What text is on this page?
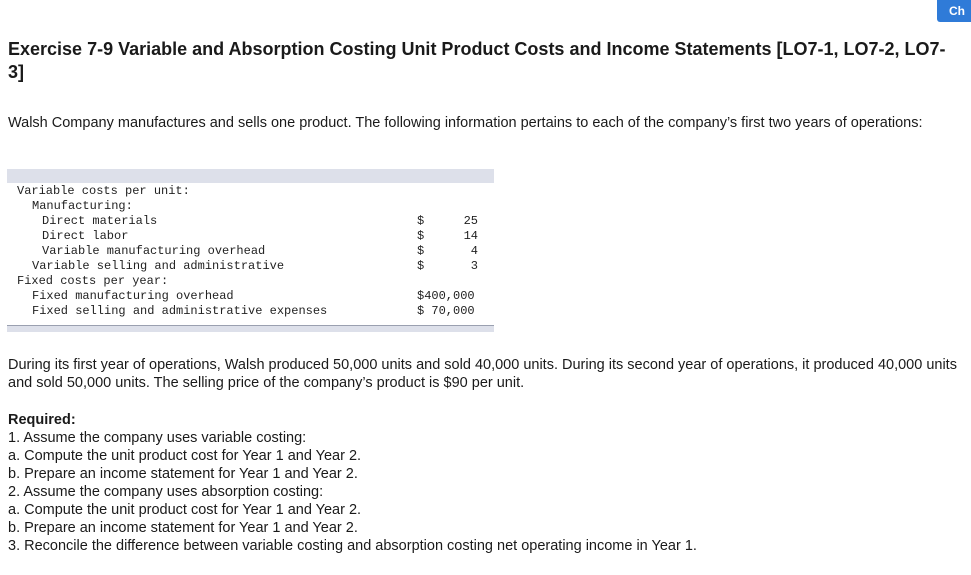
Ch
Exercise 7-9 Variable and Absorption Costing Unit Product Costs and Income Statements [LO7-1, LO7-2, LO7-3]

Walsh Company manufactures and sells one product. The following information pertains to each of the company’s first two years of operations:

Variable costs per unit:
Manufacturing:
Direct materials	$	25
Direct labor	$	14
Variable manufacturing overhead	$	4
Variable selling and administrative	$	3
Fixed costs per year:
Fixed manufacturing overhead	$400,000
Fixed selling and administrative expenses	$ 70,000

During its first year of operations, Walsh produced 50,000 units and sold 40,000 units. During its second year of operations, it produced 40,000 units and sold 50,000 units. The selling price of the company’s product is $90 per unit.

Required:
1. Assume the company uses variable costing:
a. Compute the unit product cost for Year 1 and Year 2.
b. Prepare an income statement for Year 1 and Year 2.
2. Assume the company uses absorption costing:
a. Compute the unit product cost for Year 1 and Year 2.
b. Prepare an income statement for Year 1 and Year 2.
3. Reconcile the difference between variable costing and absorption costing net operating income in Year 1.
